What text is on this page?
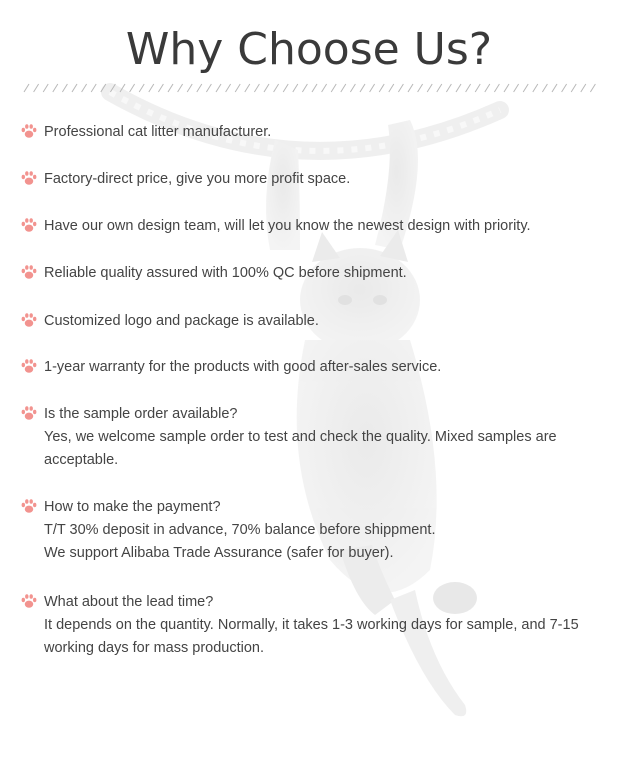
Why Choose Us?
Professional cat litter manufacturer.
Factory-direct price, give you more profit space.
Have our own design team, will let you know the newest design with priority.
Reliable quality assured with 100% QC before shipment.
Customized logo and package is available.
1-year warranty for the products with good after-sales service.
Is the sample order available?
Yes, we welcome sample order to test and check the quality. Mixed samples are
acceptable.
How to make the payment?
T/T 30% deposit in advance, 70% balance before shippment.
We support Alibaba Trade Assurance (safer for buyer).
What about the lead time?
It depends on the quantity. Normally, it takes 1-3 working days for sample, and 7-15
working days for mass production.
